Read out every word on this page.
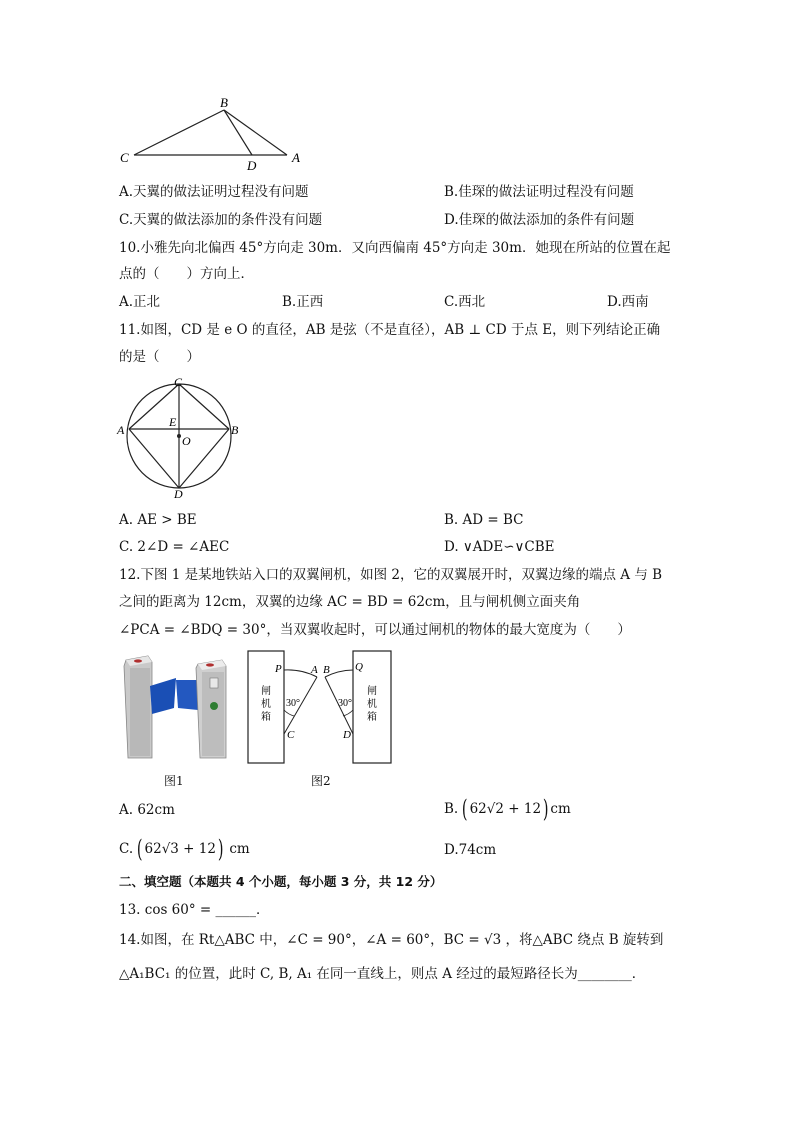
B
C
D
A
A.天翼的做法证明过程没有问题	B.佳琛的做法证明过程没有问题
C.天翼的做法添加的条件没有问题	D.佳琛的做法添加的条件有问题
10.小雅先向北偏西 45°方向走 30m．又向西偏南 45°方向走 30m．她现在所站的位置在起
点的（　　）方向上．
A.正北	B.正西	C.西北	D.西南
11.如图，CD 是 e O 的直径，AB 是弦（不是直径），AB ⊥ CD 于点 E，则下列结论正确
的是（　　）
C
A
E
O
B
D
A. AE > BE	B. AD = BC
C. 2∠D = ∠AEC	D. ∨ADE∽∨CBE
12.下图 1 是某地铁站入口的双翼闸机，如图 2，它的双翼展开时，双翼边缘的端点 A 与 B
之间的距离为 12cm，双翼的边缘 AC = BD = 62cm，且与闸机侧立面夹角
∠PCA = ∠BDQ = 30°，当双翼收起时，可以通过闸机的物体的最大宽度为（　　）
图1
P	A B Q
30°	30°
C	D
闸
机
箱
闸
机
箱
图2
A. 62cm	B. ( 62√2 + 12 ) cm
C. ( 62√3 + 12 ) cm	D.74cm
二、填空题（本题共 4 个小题，每小题 3 分，共 12 分）
13. cos 60° = ______．
14.如图，在 Rt△ABC 中，∠C = 90°，∠A = 60°，BC = √3 ，将△ABC 绕点 B 旋转到
△A₁BC₁ 的位置，此时 C, B, A₁ 在同一直线上，则点 A 经过的最短路径长为________．
